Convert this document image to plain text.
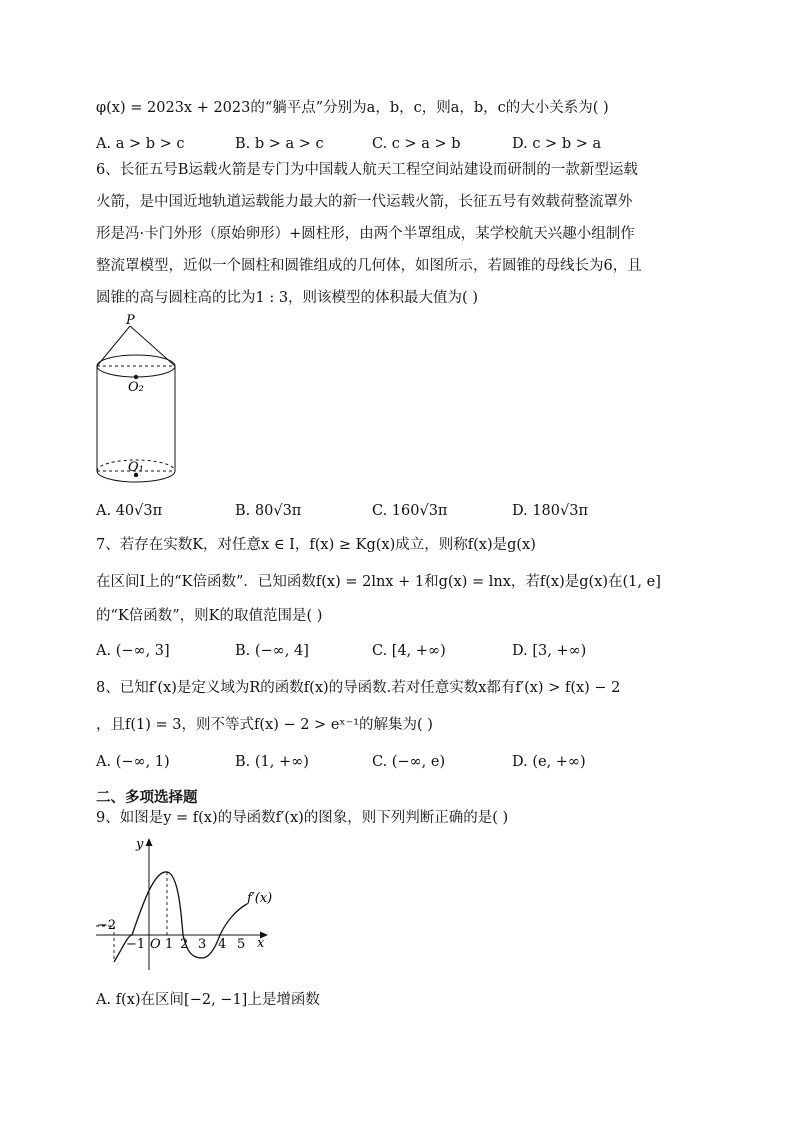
φ(x) = 2023x + 2023的“躺平点”分别为a，b，c，则a，b，c的大小关系为( )
A. a > b > c	B. b > a > c	C. c > a > b	D. c > b > a
6、长征五号B运载火箭是专门为中国载人航天工程空间站建设而研制的一款新型运载
火箭，是中国近地轨道运载能力最大的新一代运载火箭，长征五号有效载荷整流罩外
形是冯·卡门外形（原始卵形）+圆柱形，由两个半罩组成，某学校航天兴趣小组制作
整流罩模型，近似一个圆柱和圆锥组成的几何体，如图所示，若圆锥的母线长为6，且
圆锥的高与圆柱高的比为1 : 3，则该模型的体积最大值为( )
P
O₂
O₁
A. 40√3π	B. 80√3π	C. 160√3π	D. 180√3π
7、若存在实数K，对任意x ∈ I，f(x) ≥ Kg(x)成立，则称f(x)是g(x)
在区间I上的“K倍函数”．已知函数f(x) = 2lnx + 1和g(x) = lnx，若f(x)是g(x)在(1, e]
的“K倍函数”，则K的取值范围是( )
A. (−∞, 3]	B. (−∞, 4]	C. [4, +∞)	D. [3, +∞)
8、已知f′(x)是定义域为R的函数f(x)的导函数.若对任意实数x都有f′(x) > f(x) − 2
，且f(1) = 3，则不等式f(x) − 2 > eˣ⁻¹的解集为( )
A. (−∞, 1)	B. (1, +∞)	C. (−∞, e)	D. (e, +∞)
二、多项选择题
9、如图是y = f(x)的导函数f′(x)的图象，则下列判断正确的是( )
y
x
f′(x)
O
−2
−1 1 2 3 4 5
A. f(x)在区间[−2, −1]上是增函数
